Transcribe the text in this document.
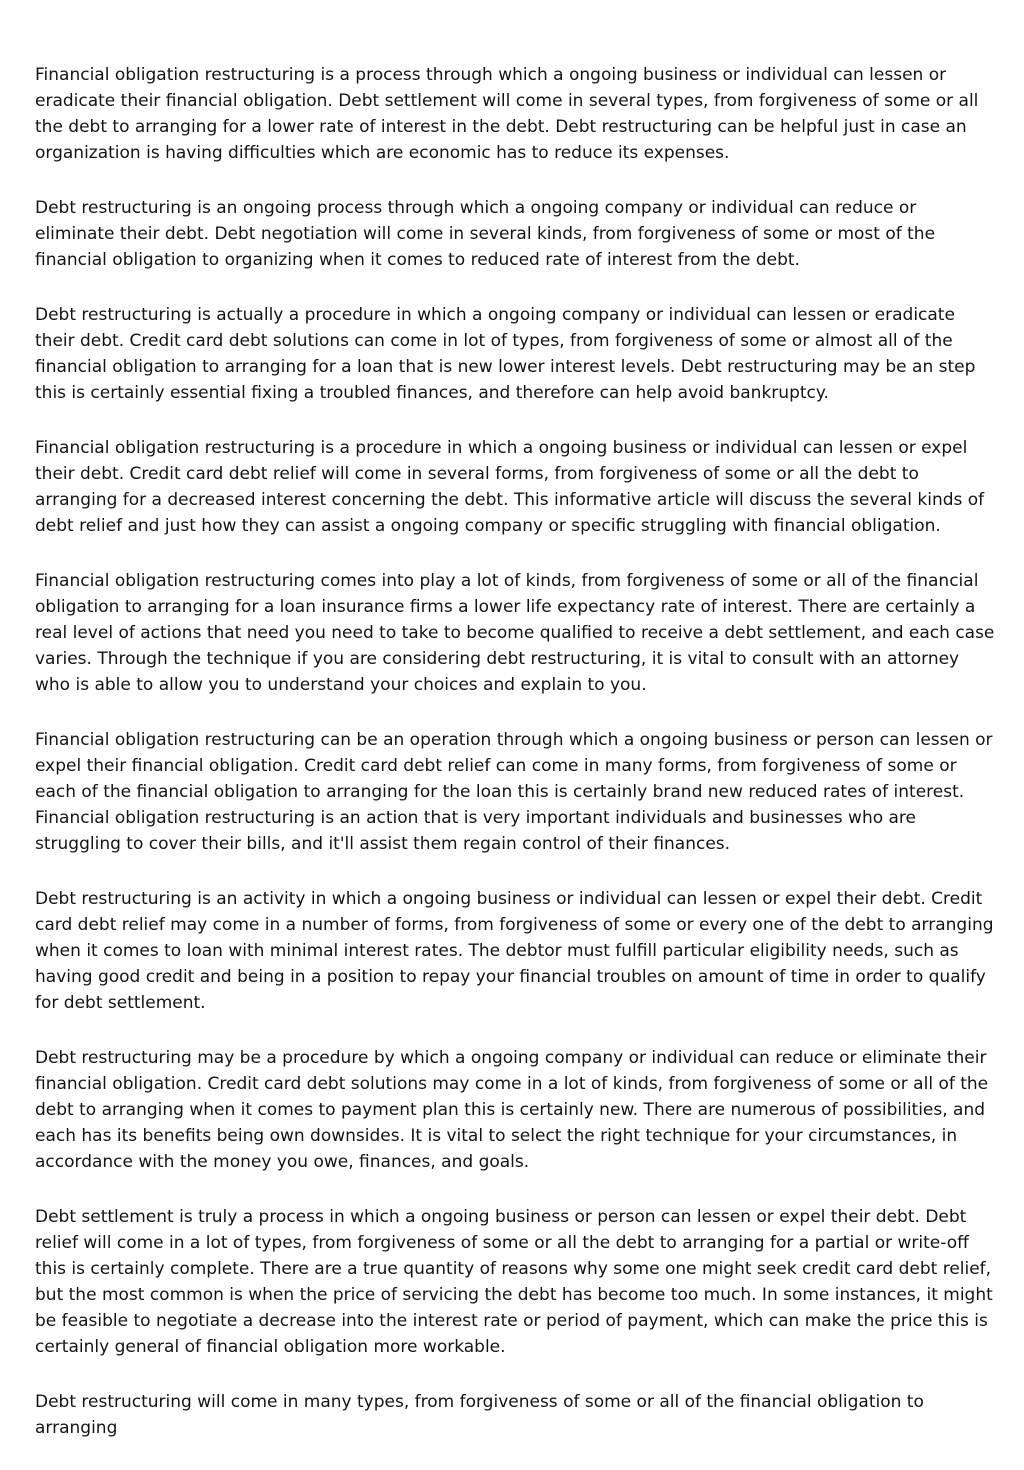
Financial obligation restructuring is a process through which a ongoing business or individual can lessen or eradicate their financial obligation. Debt settlement will come in several types, from forgiveness of some or all the debt to arranging for a lower rate of interest in the debt. Debt restructuring can be helpful just in case an organization is having difficulties which are economic has to reduce its expenses.

Debt restructuring is an ongoing process through which a ongoing company or individual can reduce or eliminate their debt. Debt negotiation will come in several kinds, from forgiveness of some or most of the financial obligation to organizing when it comes to reduced rate of interest from the debt.

Debt restructuring is actually a procedure in which a ongoing company or individual can lessen or eradicate their debt. Credit card debt solutions can come in lot of types, from forgiveness of some or almost all of the financial obligation to arranging for a loan that is new lower interest levels. Debt restructuring may be an step this is certainly essential fixing a troubled finances, and therefore can help avoid bankruptcy.

Financial obligation restructuring is a procedure in which a ongoing business or individual can lessen or expel their debt. Credit card debt relief will come in several forms, from forgiveness of some or all the debt to arranging for a decreased interest concerning the debt. This informative article will discuss the several kinds of debt relief and just how they can assist a ongoing company or specific struggling with financial obligation.

Financial obligation restructuring comes into play a lot of kinds, from forgiveness of some or all of the financial obligation to arranging for a loan insurance firms a lower life expectancy rate of interest. There are certainly a real level of actions that need you need to take to become qualified to receive a debt settlement, and each case varies. Through the technique if you are considering debt restructuring, it is vital to consult with an attorney who is able to allow you to understand your choices and explain to you.

Financial obligation restructuring can be an operation through which a ongoing business or person can lessen or expel their financial obligation. Credit card debt relief can come in many forms, from forgiveness of some or each of the financial obligation to arranging for the loan this is certainly brand new reduced rates of interest. Financial obligation restructuring is an action that is very important individuals and businesses who are struggling to cover their bills, and it'll assist them regain control of their finances.

Debt restructuring is an activity in which a ongoing business or individual can lessen or expel their debt. Credit card debt relief may come in a number of forms, from forgiveness of some or every one of the debt to arranging when it comes to loan with minimal interest rates. The debtor must fulfill particular eligibility needs, such as having good credit and being in a position to repay your financial troubles on amount of time in order to qualify for debt settlement.

Debt restructuring may be a procedure by which a ongoing company or individual can reduce or eliminate their financial obligation. Credit card debt solutions may come in a lot of kinds, from forgiveness of some or all of the debt to arranging when it comes to payment plan this is certainly new. There are numerous of possibilities, and each has its benefits being own downsides. It is vital to select the right technique for your circumstances, in accordance with the money you owe, finances, and goals.

Debt settlement is truly a process in which a ongoing business or person can lessen or expel their debt. Debt relief will come in a lot of types, from forgiveness of some or all the debt to arranging for a partial or write-off this is certainly complete. There are a true quantity of reasons why some one might seek credit card debt relief, but the most common is when the price of servicing the debt has become too much. In some instances, it might be feasible to negotiate a decrease into the interest rate or period of payment, which can make the price this is certainly general of financial obligation more workable.

Debt restructuring will come in many types, from forgiveness of some or all of the financial obligation to arranging
